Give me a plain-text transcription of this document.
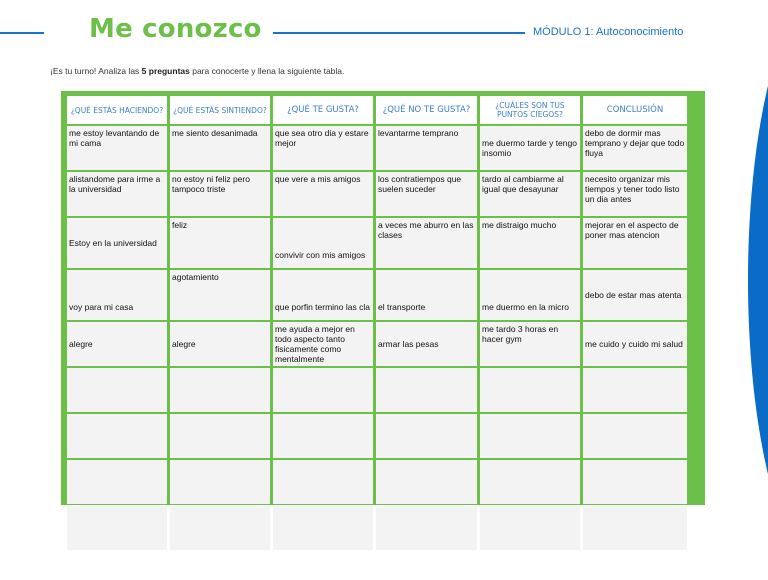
Me conozco	MÓDULO 1: Autoconocimiento
¡Es tu turno! Analiza las 5 preguntas para conocerte y llena la siguiente tabla.
¿QUÉ ESTÁS HACIENDO?	¿QUÉ ESTÁS SINTIENDO?	¿QUÉ TE GUSTA?	¿QUÉ NO TE GUSTA?	¿CUÁLES SON TUS PUNTOS CIEGOS?	CONCLUSIÓN
me estoy levantando de mi cama	me siento desanimada	que sea otro dia y estare mejor	levantarme temprano	me duermo tarde y tengo insomio	debo de dormir mas temprano y dejar que todo fluya
alistandome para irme a la universidad	no estoy ni feliz pero tampoco triste	que vere a mis amigos	los contratiempos que suelen suceder	tardo al cambiarme al igual que desayunar	necesito organizar mis tiempos y tener todo listo un dia antes
Estoy en la universidad	feliz	convivir con mis amigos	a veces me aburro en las clases	me distraigo mucho	mejorar en el aspecto de poner mas atencion
voy para mi casa	agotamiento	que porfin termino las cla	el transporte	me duermo en la micro	debo de estar mas atenta
alegre	alegre	me ayuda a mejor en todo aspecto tanto fisicamente como mentalmente	armar las pesas	me tardo 3 horas en hacer gym	me cuido y cuido mi salud
